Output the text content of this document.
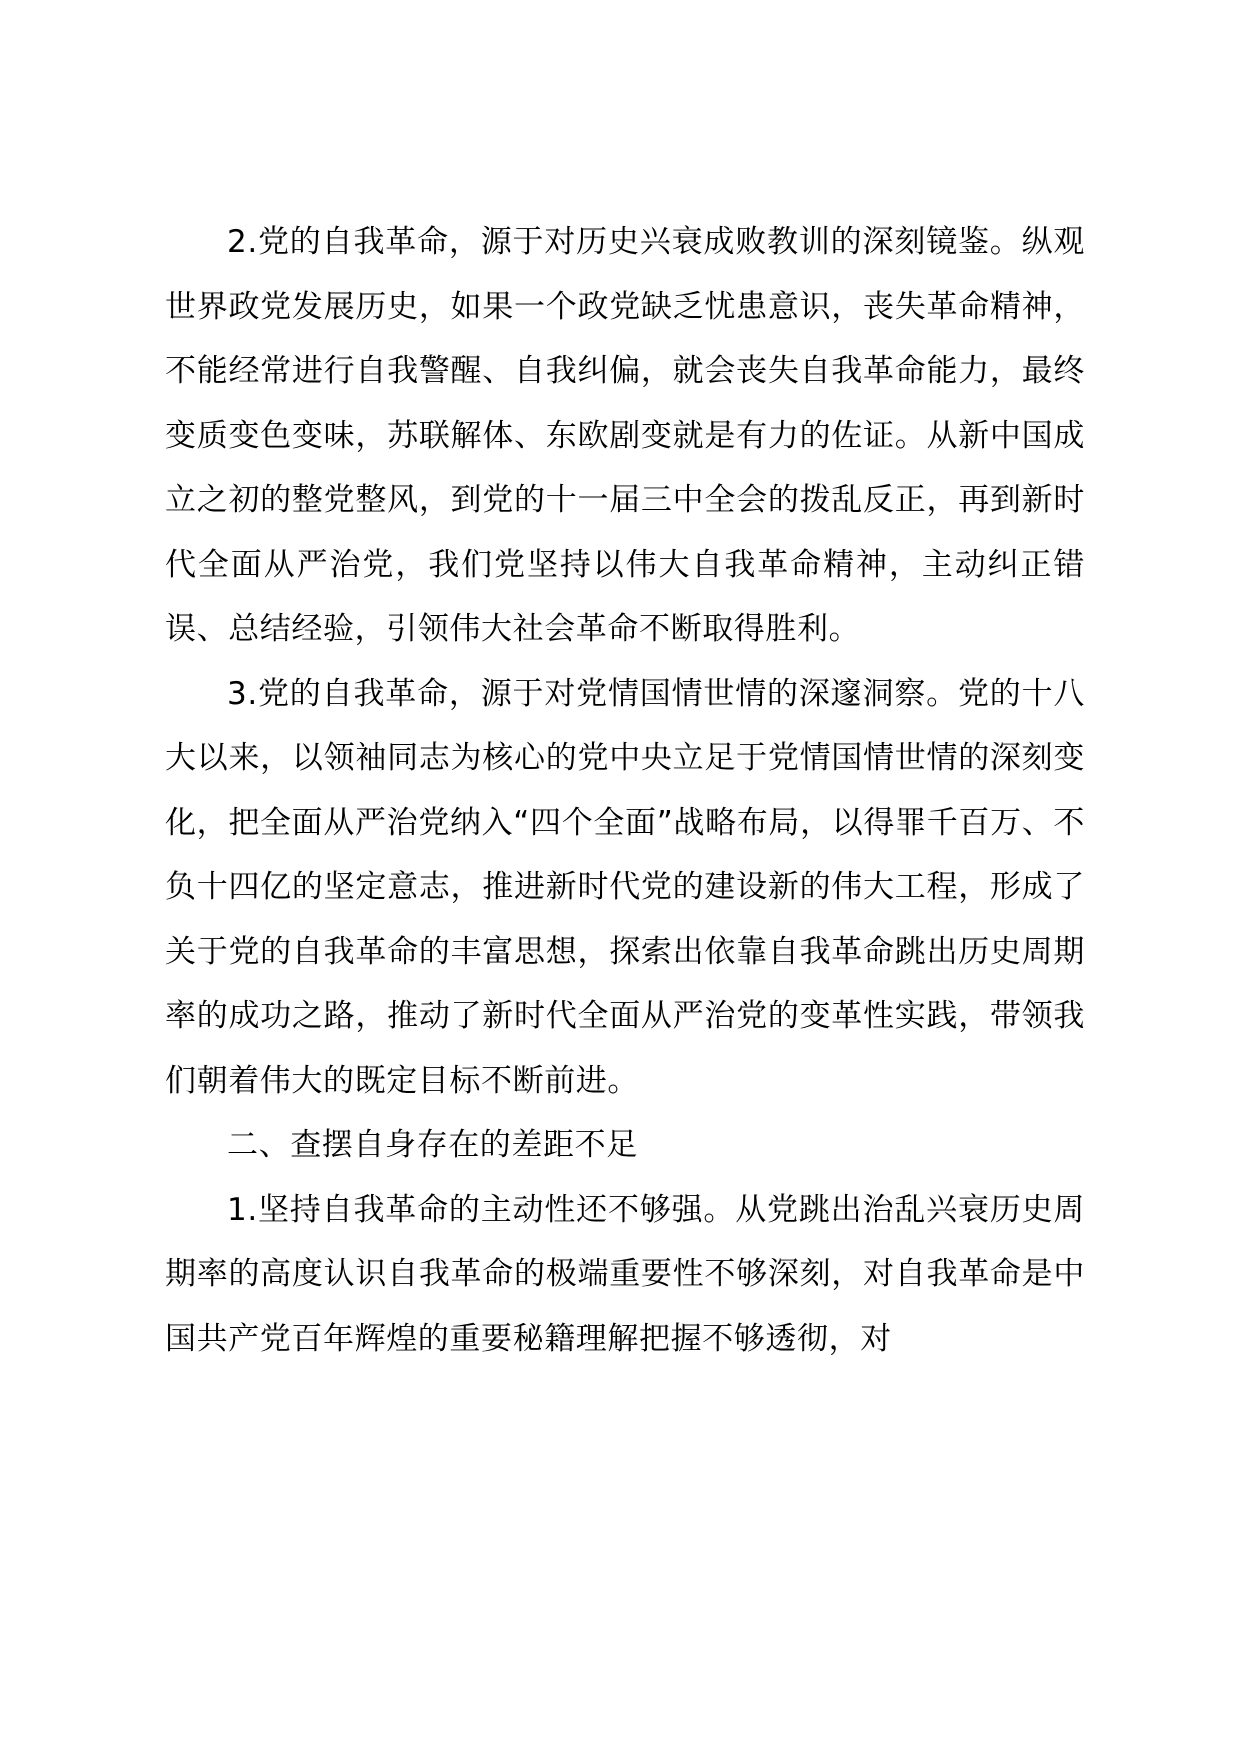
2.党的自我革命，源于对历史兴衰成败教训的深刻镜鉴。纵观世界政党发展历史，如果一个政党缺乏忧患意识，丧失革命精神，不能经常进行自我警醒、自我纠偏，就会丧失自我革命能力，最终变质变色变味，苏联解体、东欧剧变就是有力的佐证。从新中国成立之初的整党整风，到党的十一届三中全会的拨乱反正，再到新时代全面从严治党，我们党坚持以伟大自我革命精神，主动纠正错误、总结经验，引领伟大社会革命不断取得胜利。

3.党的自我革命，源于对党情国情世情的深邃洞察。党的十八大以来，以领袖同志为核心的党中央立足于党情国情世情的深刻变化，把全面从严治党纳入“四个全面”战略布局，以得罪千百万、不负十四亿的坚定意志，推进新时代党的建设新的伟大工程，形成了关于党的自我革命的丰富思想，探索出依靠自我革命跳出历史周期率的成功之路，推动了新时代全面从严治党的变革性实践，带领我们朝着伟大的既定目标不断前进。

二、查摆自身存在的差距不足

1.坚持自我革命的主动性还不够强。从党跳出治乱兴衰历史周期率的高度认识自我革命的极端重要性不够深刻，对自我革命是中国共产党百年辉煌的重要秘籍理解把握不够透彻，对
